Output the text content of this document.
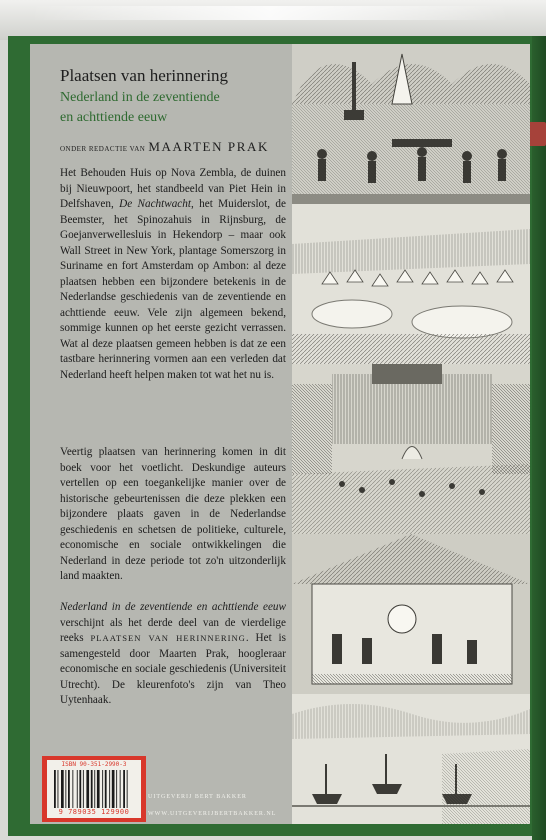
Plaatsen van herinnering

Nederland in de zeventiende
en achttiende eeuw

ONDER REDACTIE VAN MAARTEN PRAK

Het Behouden Huis op Nova Zembla, de duinen bij Nieuwpoort, het standbeeld van Piet Hein in Delfshaven, De Nachtwacht, het Muiderslot, de Beemster, het Spinozahuis in Rijnsburg, de Goejanverwellesluis in Hekendorp – maar ook Wall Street in New York, plantage Somerszorg in Suriname en fort Amsterdam op Ambon: al deze plaatsen hebben een bijzondere betekenis in de Nederlandse geschiedenis van de zeventiende en achttiende eeuw. Vele zijn algemeen bekend, sommige kunnen op het eerste gezicht verrassen. Wat al deze plaatsen gemeen hebben is dat ze een tastbare herinnering vormen aan een verleden dat Nederland heeft helpen maken tot wat het nu is.

Veertig plaatsen van herinnering komen in dit boek voor het voetlicht. Deskundige auteurs vertellen op een toegankelijke manier over de historische gebeurtenissen die deze plekken een bijzondere plaats gaven in de Nederlandse geschiedenis en schetsen de politieke, culturele, economische en sociale ontwikkelingen die Nederland in deze periode tot zo'n uitzonderlijk land maakten.

Nederland in de zeventiende en achttiende eeuw verschijnt als het derde deel van de vierdelige reeks PLAATSEN VAN HERINNERING. Het is samengesteld door Maarten Prak, hoogleraar economische en sociale geschiedenis (Universiteit Utrecht). De kleurenfoto's zijn van Theo Uytenhaak.

ISBN 90-351-2990-3
9 789035 129900

UITGEVERIJ BERT BAKKER

WWW.UITGEVERIJBERTBAKKER.NL
